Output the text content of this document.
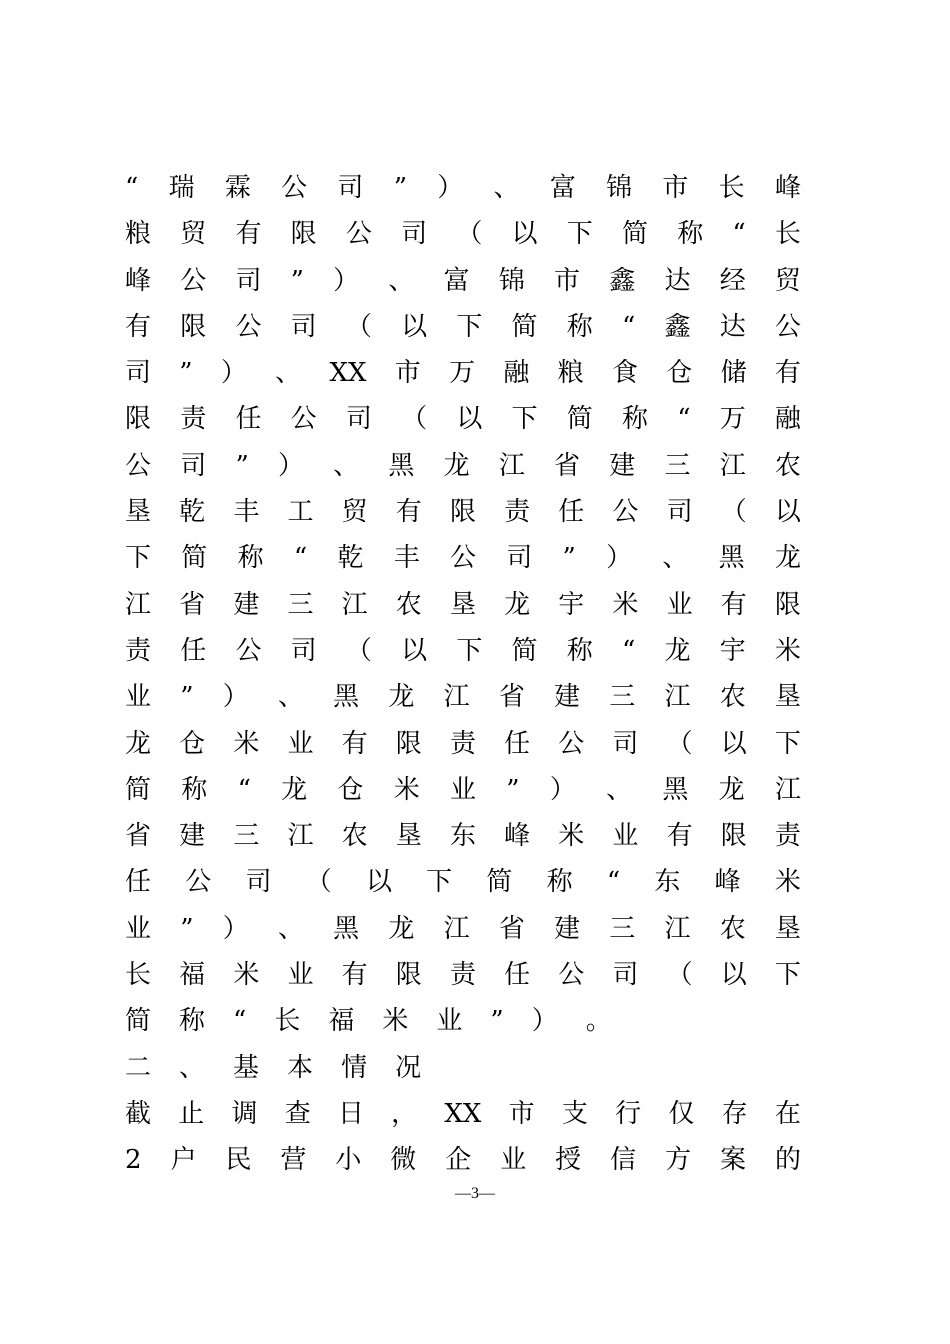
“ 瑞 霖 公 司 ” ） 、 富 锦 市 长 峰
粮 贸 有 限 公 司 （ 以 下 简 称 “ 长
峰 公 司 ” ） 、 富 锦 市 鑫 达 经 贸
有 限 公 司 （ 以 下 简 称 “ 鑫 达 公
司 ” ） 、 XX 市 万 融 粮 食 仓 储 有
限 责 任 公 司 （ 以 下 简 称 “ 万 融
公 司 ” ） 、 黑 龙 江 省 建 三 江 农
垦 乾 丰 工 贸 有 限 责 任 公 司 （ 以
下 简 称 “ 乾 丰 公 司 ” ） 、 黑 龙
江 省 建 三 江 农 垦 龙 宇 米 业 有 限
责 任 公 司 （ 以 下 简 称 “ 龙 宇 米
业 ” ） 、 黑 龙 江 省 建 三 江 农 垦
龙 仓 米 业 有 限 责 任 公 司 （ 以 下
简 称 “ 龙 仓 米 业 ” ） 、 黑 龙 江
省 建 三 江 农 垦 东 峰 米 业 有 限 责
任 公 司 （ 以 下 简 称 “ 东 峰 米
业 ” ） 、 黑 龙 江 省 建 三 江 农 垦
长 福 米 业 有 限 责 任 公 司 （ 以 下
简 称 “ 长 福 米 业 ” ） 。
二 、 基 本 情 况
截 止 调 查 日 ， XX 市 支 行 仅 存 在
2 户 民 营 小 微 企 业 授 信 方 案 的
—3—
